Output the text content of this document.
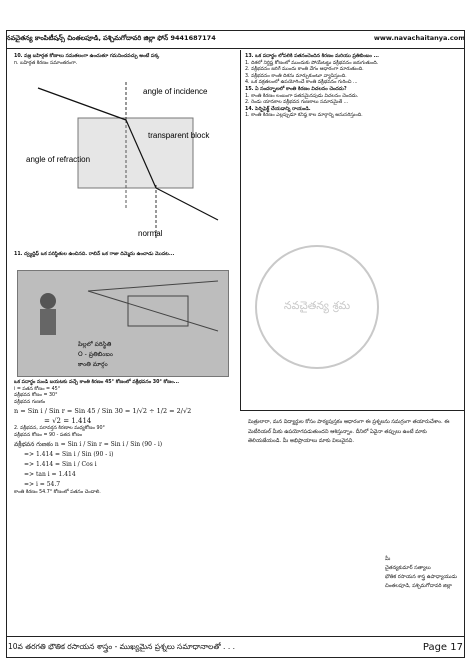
నవచైతన్య కాంపిటీషన్స్ చింతలపూడి, పశ్చిమగోదావరి జిల్లా ఫోన్ 9441687174	www.navachaitanya.com
10. వజ్ర బహిర్గత కోణాలు సమతలంగా ఉంచుతూ గమనించవచ్చు అంటే పక్క
n. బహిర్గత కిరణం సమాంతరంగా.
angle of incidence
transparent block
angle of refraction
normal
11. ద్వ్యద్దిఫ్ ఒక పరిస్థితుల ఉంచినది. రాబిన్ ఒక గాజు దిమ్మెను ఉంచాడు మొదట...
పిల్లలో పరిస్థితి
O - ప్రతిబింబం
కాంతి మార్గం
ఒక పదార్థం నుండి బయటకు వచ్చే కాంతి కిరణం 45° కోణంలో వక్రీభవనం 30° కోణం...
i = పతన కోణం = 45°
వక్రీభవన కోణం = 30°
వక్రీభవన గుణకం
n = Sin i / Sin r = Sin 45 / Sin 30 = 1/√2 ÷ 1/2 = 2/√2
= √2 = 1.414
2. వక్రీభవన, పరావర్తన కిరణాల మధ్యకోణం 90°
వక్రీభవన కోణం = 90 - పతన కోణం
వక్రీభవన గుణకం n = Sin i / Sin r = Sin i / Sin (90 - i)
=> 1.414 = Sin i / Sin (90 - i)
=> 1.414 = Sin i / Cos i
=> tan i = 1.414
=> i = 54.7
కాంతి కిరణం 54.7° కోణంలో పతనం చెందాలి.
13. ఒక పదార్థం లోపలికి పతనంచెందిన కిరణం మరియు ప్రతిబింబం ...
1. దిశలో నిర్దిష్ట కోణంలో ముందుకు పోయేటట్టు వక్రీభవనం జరుగుతుంది.
2. వక్రీభవనం జరిగే ముందు కాంతి వేగం ఆధారంగా మారుతుంది.
3. వక్రీభవనం కాంతి దిశను మార్చుకుంటూ వ్యాపిస్తుంది.
4. ఒక వక్రతలంలో ఉపయోగించే కాంతి వక్రీభవనం గురించి ...
15. ఏ సందర్భాలలో కాంతి కిరణం విచలనం చెందదు?
1. కాంతి కిరణం లంబంగా పతనమైనపుడు విచలనం చెందదు.
2. రెండు యానకాల వక్రీభవన గుణకాలు సమానమైతే ...
14. పెర్బిఫెక్ట్ చేయడాన్ని రాయండి.
1. కాంతి కిరణం ఎల్లప్పుడూ కనిష్ఠ కాల మార్గాన్ని అనుసరిస్తుంది.
నవచైతన్య శ్రమ
మిత్రులారా, మన విద్యార్థుల కోసం పాఠ్యపుస్తకం ఆధారంగా ఈ ప్రశ్నలను సమగ్రంగా తయారుచేశాం. ఈ మెటీరియల్ మీకు ఉపయోగపడుతుందని ఆశిస్తున్నాం. దీనిలో ఏవైనా తప్పులు ఉంటే మాకు తెలియజేయండి. మీ అభిప్రాయాలు మాకు విలువైనవి.
మీ
చైతన్యకుమార్ సత్యాలు
భౌతిక రసాయన శాస్త్ర ఉపాధ్యాయుడు
చింతలపూడి, పశ్చిమగోదావరి జిల్లా
10వ తరగతి భౌతిక రసాయన శాస్త్రం - ముఖ్యమైన ప్రశ్నలు సమాధానాలతో . . .	Page 17
